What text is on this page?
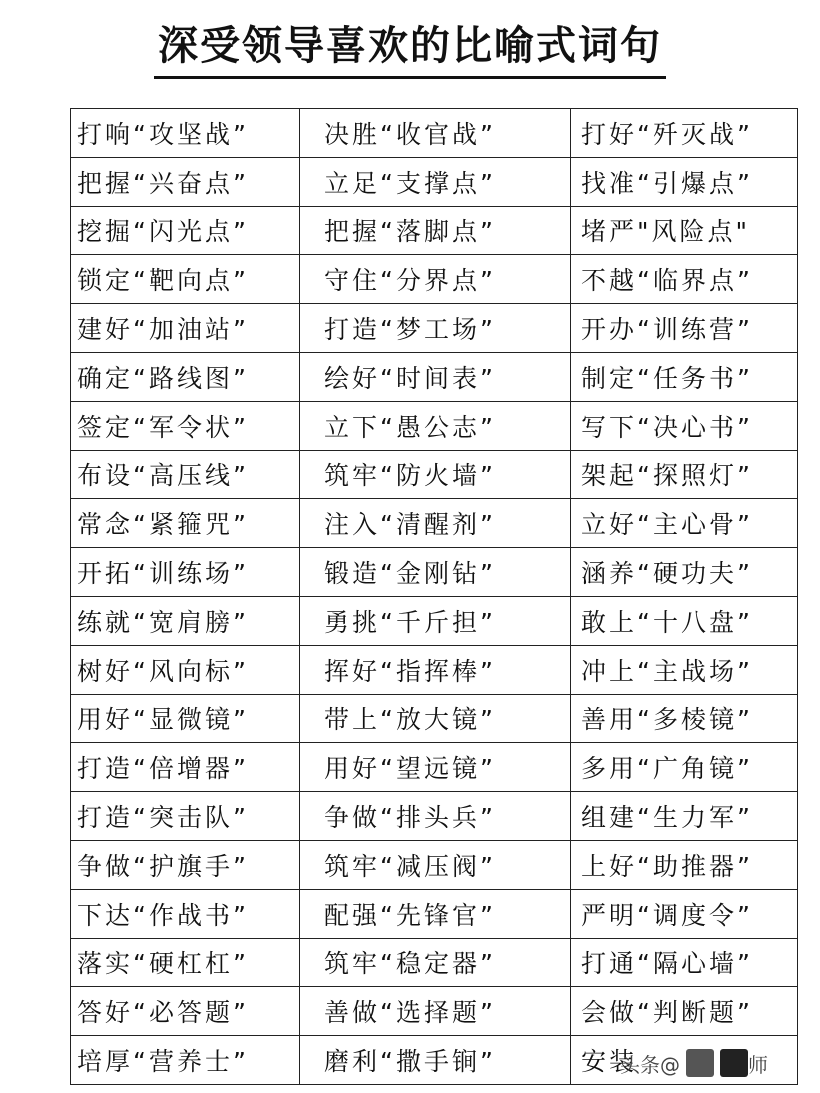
深受领导喜欢的比喻式词句
打响“攻坚战”	决胜“收官战”	打好“歼灭战”
把握“兴奋点”	立足“支撑点”	找准“引爆点”
挖掘“闪光点”	把握“落脚点”	堵严"风险点"
锁定“靶向点”	守住“分界点”	不越“临界点”
建好“加油站”	打造“梦工场”	开办“训练营”
确定“路线图”	绘好“时间表”	制定“任务书”
签定“军令状”	立下“愚公志”	写下“决心书”
布设“高压线”	筑牢“防火墙”	架起“探照灯”
常念“紧箍咒”	注入“清醒剂”	立好“主心骨”
开拓“训练场”	锻造“金刚钻”	涵养“硬功夫”
练就“宽肩膀”	勇挑“千斤担”	敢上“十八盘”
树好“风向标”	挥好“指挥棒”	冲上“主战场”
用好“显微镜”	带上“放大镜”	善用“多棱镜”
打造“倍增器”	用好“望远镜”	多用“广角镜”
打造“突击队”	争做“排头兵”	组建“生力军”
争做“护旗手”	筑牢“减压阀”	上好“助推器”
下达“作战书”	配强“先锋官”	严明“调度令”
落实“硬杠杠”	筑牢“稳定器”	打通“隔心墙”
答好“必答题”	善做“选择题”	会做“判断题”
培厚“营养士”	磨利“撒手锏”	安装
头条@	师
